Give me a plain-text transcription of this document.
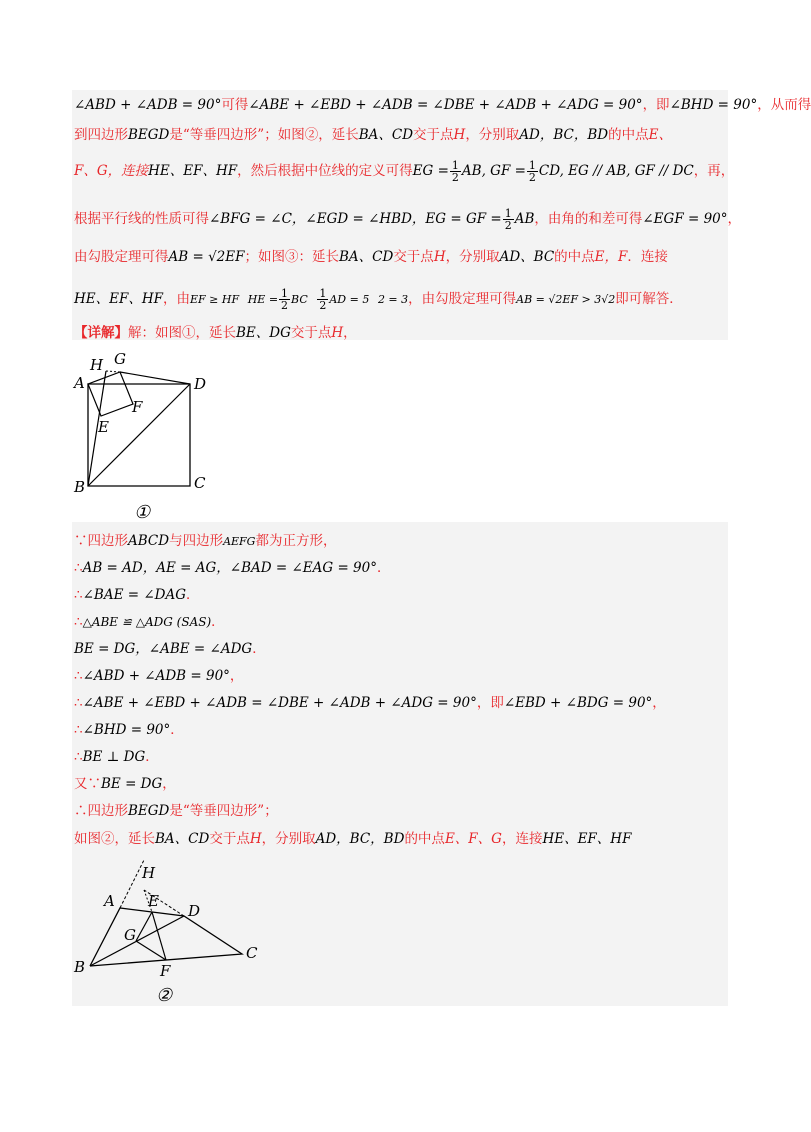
∠ABD + ∠ADB = 90°可得∠ABE + ∠EBD + ∠ADB = ∠DBE + ∠ADB + ∠ADG = 90°，即∠BHD = 90°，从而得
到四边形BEGD是“等垂四边形”；如图②，延长BA、CD交于点H，分别取AD，BC，BD的中点E、
F、G，连接HE、EF、HF，然后根据中位线的定义可得EG = $\frac{1}{2}$ AB, GF = $\frac{1}{2}$ CD, EG // AB, GF // DC，再，
根据平行线的性质可得∠BFG = ∠C，∠EGD = ∠HBD，EG = GF = $\frac{1}{2}$ AB，由角的和差可得∠EGF = 90°，
由勾股定理可得AB = √2EF；如图③：延长BA、CD交于点H，分别取AD、BC的中点E，F．连接
HE、EF、HF，由EF ≥ HF HE = $\frac{1}{2}$ BC $\frac{1}{2}$ AD = 5 2 = 3，由勾股定理可得AB = √2EF > 3√2即可解答．
【详解】解：如图①，延长BE、DG交于点H，
A
H G
D
F
E
B	C
①
∵四边形ABCD与四边形AEFG都为正方形，
∴AB = AD，AE = AG，∠BAD = ∠EAG = 90°．
∴∠BAE = ∠DAG．
∴△ABE ≌ △ADG (SAS)．
BE = DG，∠ABE = ∠ADG．
∴∠ABD + ∠ADB = 90°，
∴∠ABE + ∠EBD + ∠ADB = ∠DBE + ∠ADB + ∠ADG = 90°，即∠EBD + ∠BDG = 90°，
∴∠BHD = 90°．
∴BE ⊥ DG．
又∵BE = DG，
∴四边形BEGD是“等垂四边形”；
如图②，延长BA、CD交于点H，分别取AD，BC，BD的中点E、F、G，连接HE、EF、HF
H
A E
D
G
B
C
F
②
